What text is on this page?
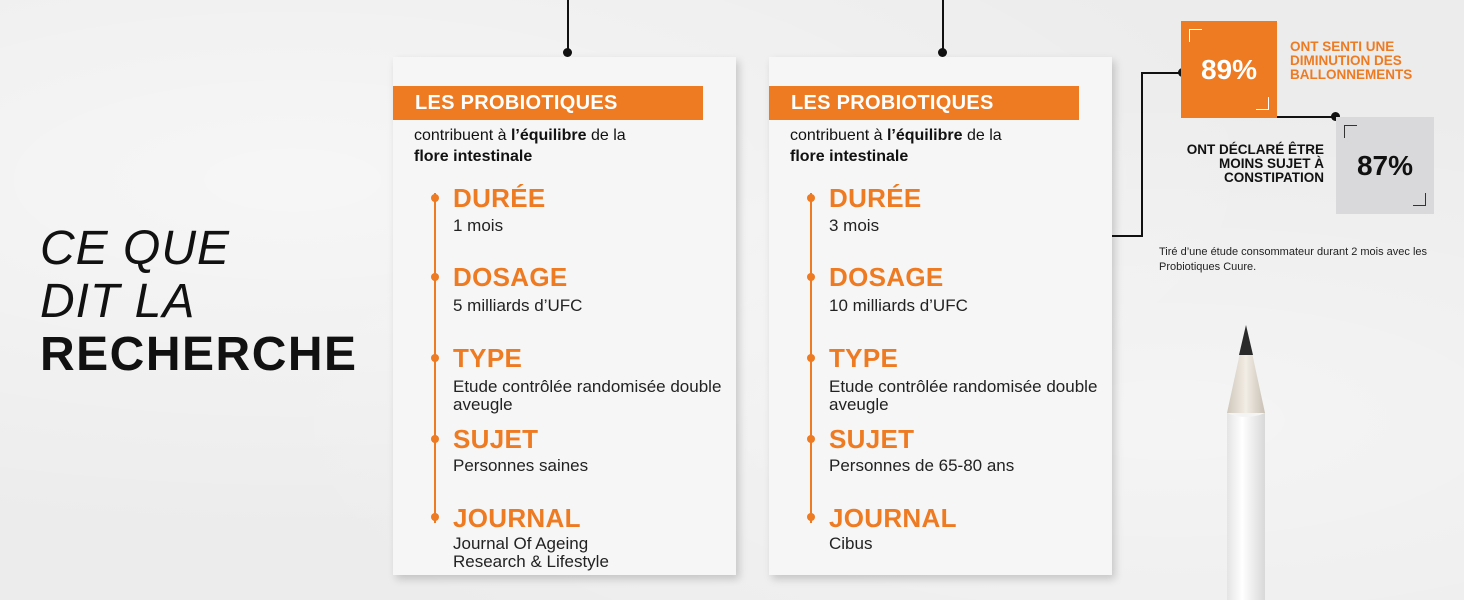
CE QUE
DIT LA
RECHERCHE
LES PROBIOTIQUES
contribuent à l’équilibre de la
flore intestinale
DURÉE
1 mois
DOSAGE
5 milliards d’UFC
TYPE
Etude contrôlée randomisée double aveugle
SUJET
Personnes saines
JOURNAL
Journal Of Ageing Research & Lifestyle
LES PROBIOTIQUES
contribuent à l’équilibre de la
flore intestinale
DURÉE
3 mois
DOSAGE
10 milliards d’UFC
TYPE
Etude contrôlée randomisée double aveugle
SUJET
Personnes de 65-80 ans
JOURNAL
Cibus
89%
ONT SENTI UNE DIMINUTION DES BALLONNEMENTS
87%
ONT DÉCLARÉ ÊTRE MOINS SUJET À CONSTIPATION
Tiré d’une étude consommateur durant 2 mois avec les Probiotiques Cuure.
